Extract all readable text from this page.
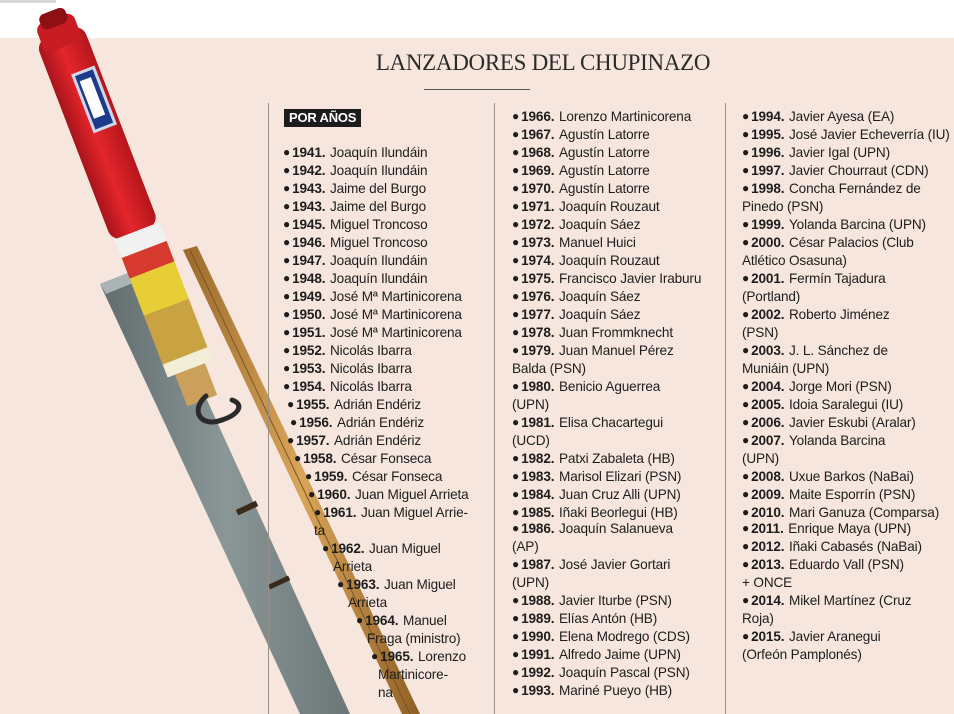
LANZADORES DEL CHUPINAZO
POR AÑOS
● 1941. Joaquín Ilundáin
● 1942. Joaquín Ilundáin
● 1943. Jaime del Burgo
● 1943. Jaime del Burgo
● 1945. Miguel Troncoso
● 1946. Miguel Troncoso
● 1947. Joaquín Ilundáin
● 1948. Joaquín Ilundáin
● 1949. José Mª Martinicorena
● 1950. José Mª Martinicorena
● 1951. José Mª Martinicorena
● 1952. Nicolás Ibarra
● 1953. Nicolás Ibarra
● 1954. Nicolás Ibarra
● 1955. Adrián Endériz
● 1956. Adrián Endériz
● 1957. Adrián Endériz
● 1958. César Fonseca
● 1959. César Fonseca
● 1960. Juan Miguel Arrieta
● 1961. Juan Miguel Arrie-
ta
● 1962. Juan Miguel
Arrieta
● 1963. Juan Miguel
Arrieta
● 1964. Manuel
Fraga (ministro)
● 1965. Lorenzo
Martinicore-
na
● 1966. Lorenzo Martinicorena
● 1967. Agustín Latorre
● 1968. Agustín Latorre
● 1969. Agustín Latorre
● 1970. Agustín Latorre
● 1971. Joaquín Rouzaut
● 1972. Joaquín Sáez
● 1973. Manuel Huici
● 1974. Joaquín Rouzaut
● 1975. Francisco Javier Iraburu
● 1976. Joaquín Sáez
● 1977. Joaquín Sáez
● 1978. Juan Frommknecht
● 1979. Juan Manuel Pérez
Balda (PSN)
● 1980. Benicio Aguerrea
(UPN)
● 1981. Elisa Chacartegui
(UCD)
● 1982. Patxi Zabaleta (HB)
● 1983. Marisol Elizari (PSN)
● 1984. Juan Cruz Alli (UPN)
● 1985. Iñaki Beorlegui (HB)
● 1986. Joaquín Salanueva
(AP)
● 1987. José Javier Gortari
(UPN)
● 1988. Javier Iturbe (PSN)
● 1989. Elías Antón (HB)
● 1990. Elena Modrego (CDS)
● 1991. Alfredo Jaime (UPN)
● 1992. Joaquín Pascal (PSN)
● 1993. Mariné Pueyo (HB)
● 1994. Javier Ayesa (EA)
● 1995. José Javier Echeverría (IU)
● 1996. Javier Igal (UPN)
● 1997. Javier Chourraut (CDN)
● 1998. Concha Fernández de
Pinedo (PSN)
● 1999. Yolanda Barcina (UPN)
● 2000. César Palacios (Club
Atlético Osasuna)
● 2001. Fermín Tajadura
(Portland)
● 2002. Roberto Jiménez
(PSN)
● 2003. J. L. Sánchez de
Muniáin (UPN)
● 2004. Jorge Mori (PSN)
● 2005. Idoia Saralegui (IU)
● 2006. Javier Eskubi (Aralar)
● 2007. Yolanda Barcina
(UPN)
● 2008. Uxue Barkos (NaBai)
● 2009. Maite Esporrín (PSN)
● 2010. Mari Ganuza (Comparsa)
● 2011. Enrique Maya (UPN)
● 2012. Iñaki Cabasés (NaBai)
● 2013. Eduardo Vall (PSN)
+ ONCE
● 2014. Mikel Martínez (Cruz
Roja)
● 2015. Javier Aranegui
(Orfeón Pamplonés)
